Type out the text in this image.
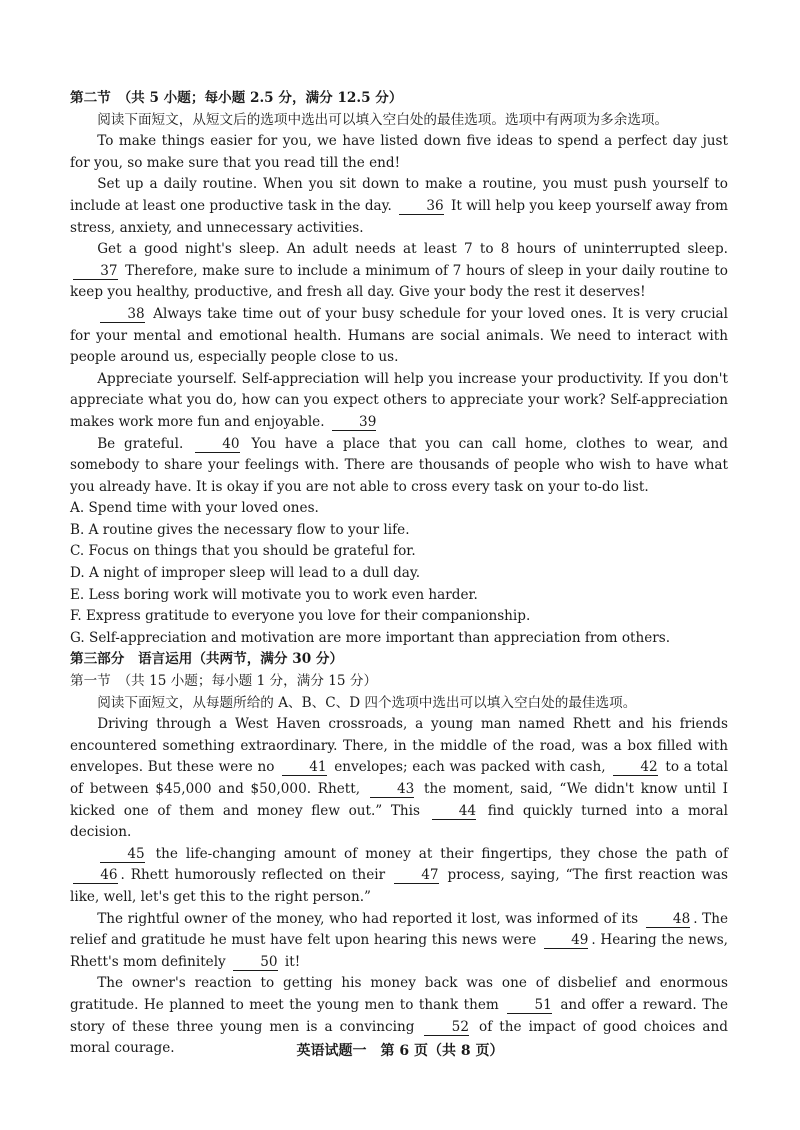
第二节　（共 5 小题；每小题 2.5 分，满分 12.5 分）

阅读下面短文，从短文后的选项中选出可以填入空白处的最佳选项。选项中有两项为多余选项。

To make things easier for you, we have listed down five ideas to spend a perfect day just for you, so make sure that you read till the end!

Set up a daily routine. When you sit down to make a routine, you must push yourself to include at least one productive task in the day.	36 It will help you keep yourself away from stress, anxiety, and unnecessary activities.

Get a good night's sleep. An adult needs at least 7 to 8 hours of uninterrupted sleep. 37 Therefore, make sure to include a minimum of 7 hours of sleep in your daily routine to keep you healthy, productive, and fresh all day. Give your body the rest it deserves!

38 Always take time out of your busy schedule for your loved ones. It is very crucial for your mental and emotional health. Humans are social animals. We need to interact with people around us, especially people close to us.

Appreciate yourself. Self-appreciation will help you increase your productivity. If you don't appreciate what you do, how can you expect others to appreciate your work? Self-appreciation makes work more fun and enjoyable.	39

Be grateful.	40 You have a place that you can call home, clothes to wear, and somebody to share your feelings with. There are thousands of people who wish to have what you already have. It is okay if you are not able to cross every task on your to-do list.

A. Spend time with your loved ones.

B. A routine gives the necessary flow to your life.

C. Focus on things that you should be grateful for.

D. A night of improper sleep will lead to a dull day.

E. Less boring work will motivate you to work even harder.

F. Express gratitude to everyone you love for their companionship.

G. Self-appreciation and motivation are more important than appreciation from others.

第三部分　语言运用（共两节，满分 30 分）

第一节　（共 15 小题；每小题 1 分，满分 15 分）

阅读下面短文，从每题所给的 A、B、C、D 四个选项中选出可以填入空白处的最佳选项。

Driving through a West Haven crossroads, a young man named Rhett and his friends encountered something extraordinary. There, in the middle of the road, was a box filled with envelopes. But these were no	41 envelopes; each was packed with cash,	42 to a total of between $45,000 and $50,000. Rhett,	43 the moment, said, “We didn't know until I kicked one of them and money flew out.” This	44 find quickly turned into a moral decision.

45 the life-changing amount of money at their fingertips, they chose the path of 46 . Rhett humorously reflected on their	47 process, saying, “The first reaction was like, well, let's get this to the right person.”

The rightful owner of the money, who had reported it lost, was informed of its	48 . The relief and gratitude he must have felt upon hearing this news were	49 . Hearing the news, Rhett's mom definitely	50 it!

The owner's reaction to getting his money back was one of disbelief and enormous gratitude. He planned to meet the young men to thank them	51 and offer a reward. The story of these three young men is a convincing	52 of the impact of good choices and moral courage.	英语试题一　第 6 页（共 8 页）
